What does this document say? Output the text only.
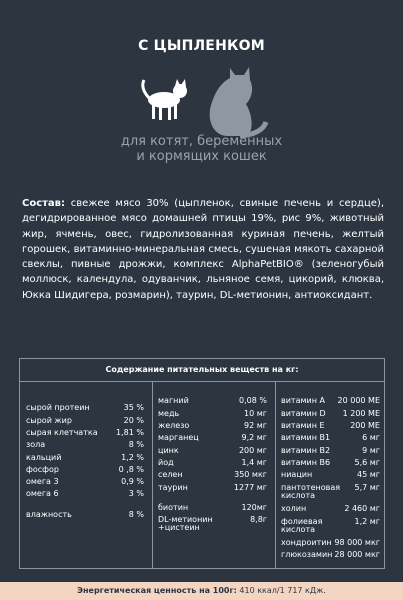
С ЦЫПЛЕНКОМ
для котят, беременных
и кормящих кошек
Состав: свежее мясо 30% (цыпленок, свиные печень и сердце), дегидрированное мясо домашней птицы 19%, рис 9%, животный жир, ячмень, овес, гидролизованная куриная печень, желтый горошек, витаминно-минеральная смесь, сушеная мякоть сахарной свеклы, пивные дрожжи, комплекс AlphaPetBIO® (зеленогубый моллюск, календула, одуванчик, льняное семя, цикорий, клюква, Юкка Шидигера, розмарин), таурин, DL-метионин, антиоксидант.
Содержание питательных веществ на кг:
сырой протеин	35 %
сырой жир	20 %
сырая клетчатка 1,81 %
зола	8 %
кальций	1,2 %
фосфор	0 ,8 %
омега 3	0,9 %
омега 6	3 %
влажность	8 %
магний	0,08 %
медь	10 мг
железо	92 мг
марганец	9,2 мг
цинк	200 мг
йод	1,4 мг
селен	350 мкг
таурин	1277 мг
биотин	120мг
DL-метионин	8,8г
+цистеин
витамин A 20 000 МЕ
витамин D 1 200 МЕ
витамин E	200 МЕ
витамин B1	6 мг
витамин B2	9 мг
витамин B6	5,6 мг
ниацин	45 мг
пантотеновая 5,7 мг
кислота
холин	2 460 мг
фолиевая	1,2 мг
кислота
хондроитин 98 000 мкг
глюкозамин 28 000 мкг
Энергетическая ценность на 100г: 410 ккал/1 717 кДж.
